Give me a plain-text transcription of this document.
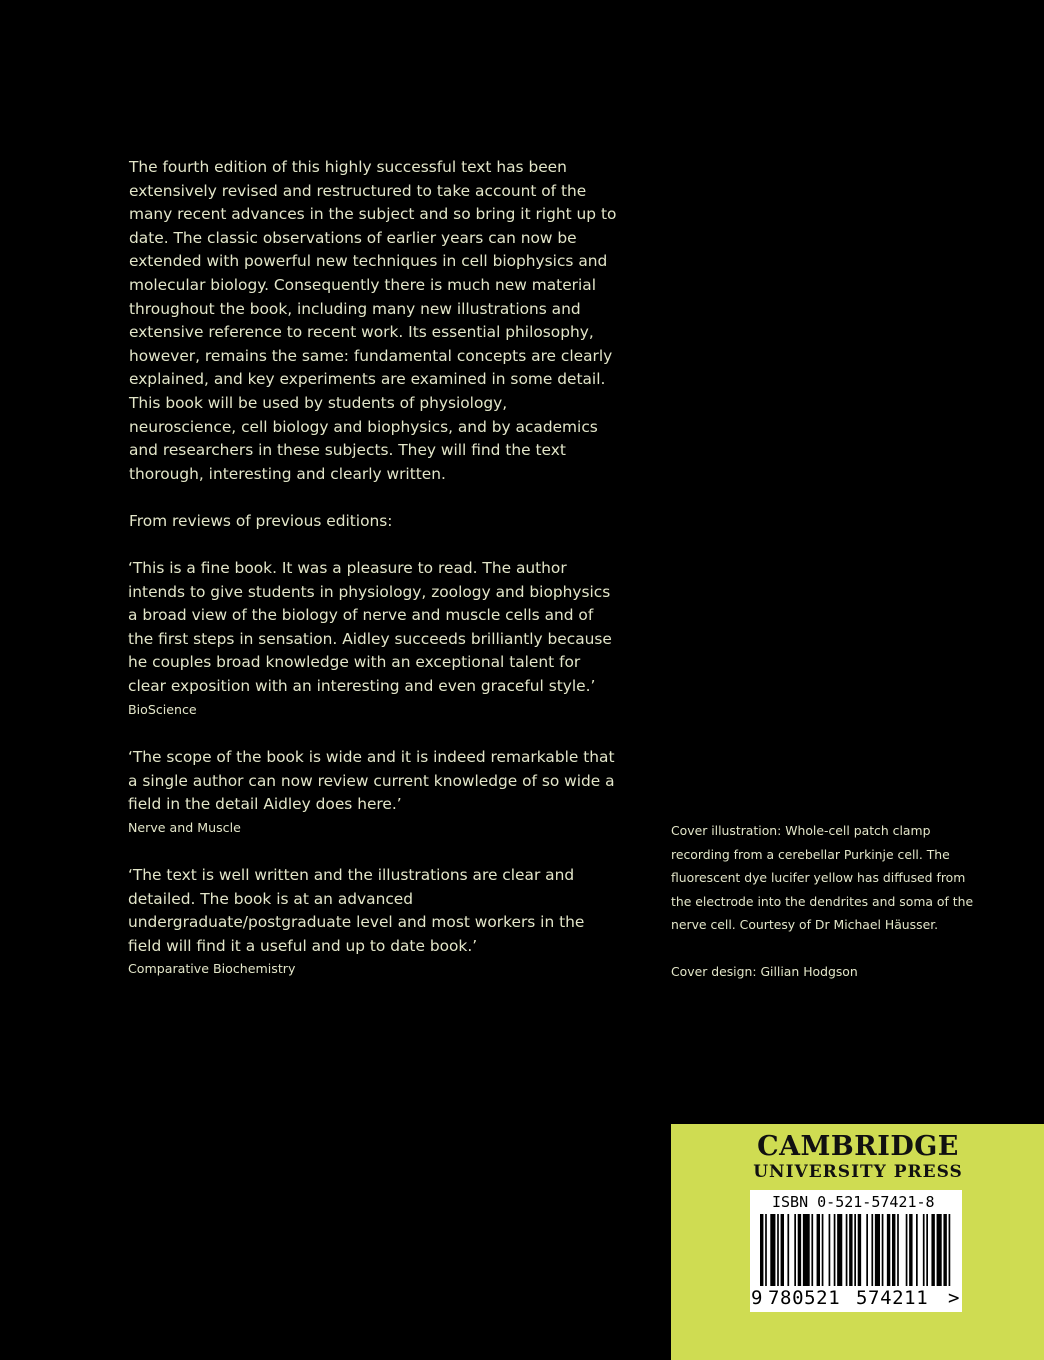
The fourth edition of this highly successful text has been extensively revised and restructured to take account of the many recent advances in the subject and so bring it right up to date. The classic observations of earlier years can now be extended with powerful new techniques in cell biophysics and molecular biology. Consequently there is much new material throughout the book, including many new illustrations and extensive reference to recent work. Its essential philosophy, however, remains the same: fundamental concepts are clearly explained, and key experiments are examined in some detail. This book will be used by students of physiology, neuroscience, cell biology and biophysics, and by academics and researchers in these subjects. They will find the text thorough, interesting and clearly written.

From reviews of previous editions:

‘This is a fine book. It was a pleasure to read. The author intends to give students in physiology, zoology and biophysics a broad view of the biology of nerve and muscle cells and of the first steps in sensation. Aidley succeeds brilliantly because he couples broad knowledge with an exceptional talent for clear exposition with an interesting and even graceful style.’

BioScience

‘The scope of the book is wide and it is indeed remarkable that a single author can now review current knowledge of so wide a field in the detail Aidley does here.’

Nerve and Muscle

‘The text is well written and the illustrations are clear and detailed. The book is at an advanced undergraduate/postgraduate level and most workers in the field will find it a useful and up to date book.’

Comparative Biochemistry

Cover illustration: Whole-cell patch clamp recording from a cerebellar Purkinje cell. The fluorescent dye lucifer yellow has diffused from the electrode into the dendrites and soma of the nerve cell. Courtesy of Dr Michael Häusser.

Cover design: Gillian Hodgson

CAMBRIDGE
UNIVERSITY PRESS

ISBN 0-521-57421-8

9 780521 574211 >
